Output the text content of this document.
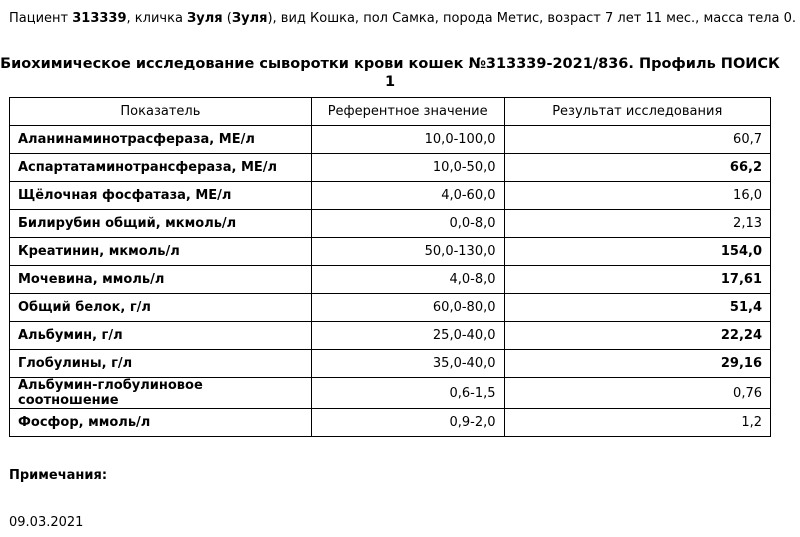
Пациент 313339, кличка Зуля (Зуля), вид Кошка, пол Самка, порода Метис, возраст 7 лет 11 мес., масса тела 0.
Биохимическое исследование сыворотки крови кошек №313339-2021/836. Профиль ПОИСК 1
Показатель	Референтное значение	Результат исследования
Аланинаминотрасфераза, МЕ/л	10,0-100,0	60,7
Аспартатаминотрансфераза, МЕ/л	10,0-50,0	66,2
Щёлочная фосфатаза, МЕ/л	4,0-60,0	16,0
Билирубин общий, мкмоль/л	0,0-8,0	2,13
Креатинин, мкмоль/л	50,0-130,0	154,0
Мочевина, ммоль/л	4,0-8,0	17,61
Общий белок, г/л	60,0-80,0	51,4
Альбумин, г/л	25,0-40,0	22,24
Глобулины, г/л	35,0-40,0	29,16
Альбумин-глобулиновое соотношение	0,6-1,5	0,76
Фосфор, ммоль/л	0,9-2,0	1,2
Примечания:
09.03.2021
